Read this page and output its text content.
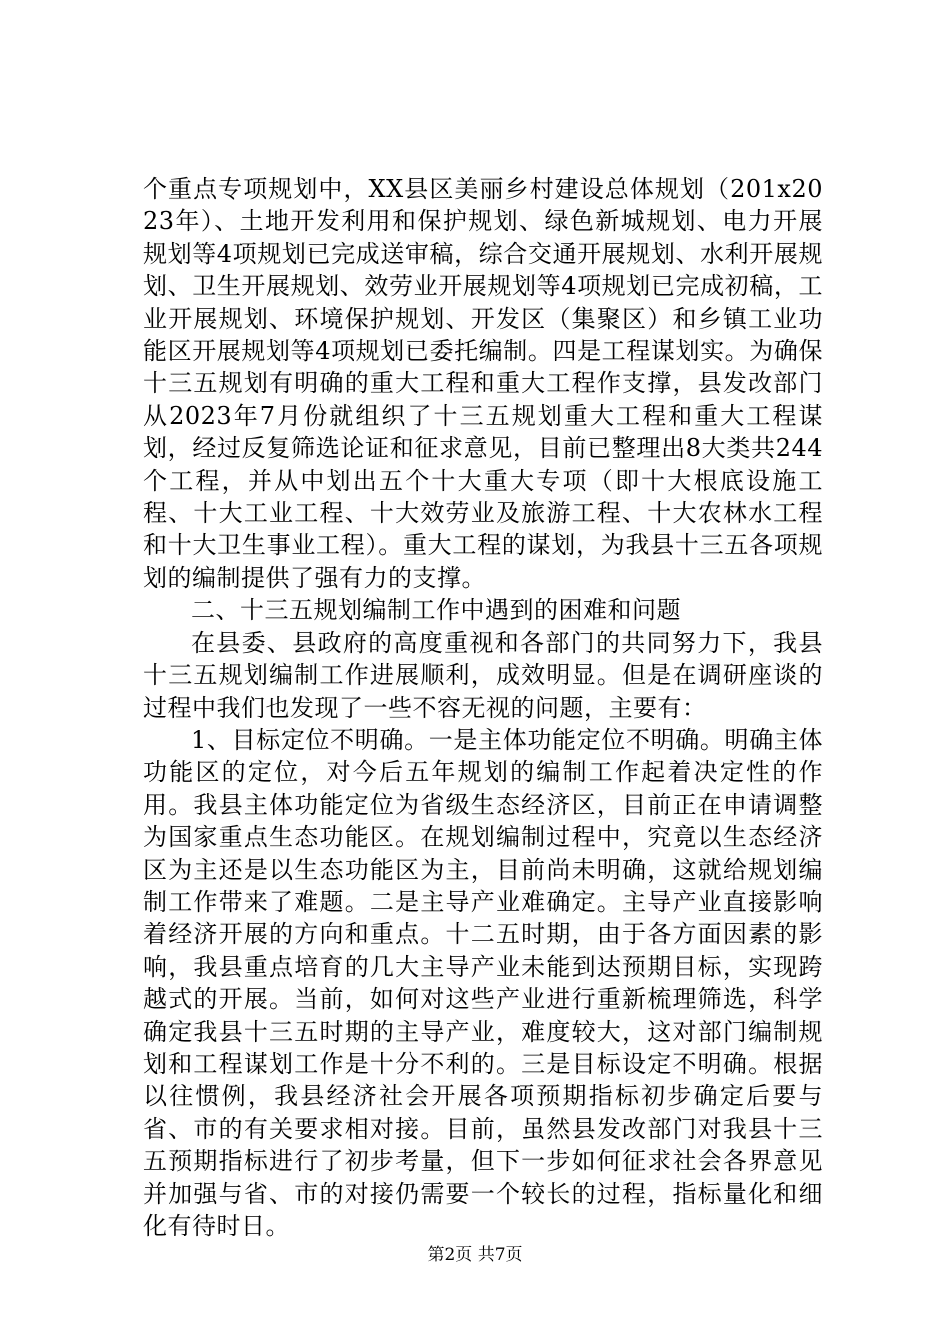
个重点专项规划中，XX县区美丽乡村建设总体规划（201x2023年）、土地开发利用和保护规划、绿色新城规划、电力开展规划等4项规划已完成送审稿，综合交通开展规划、水利开展规划、卫生开展规划、效劳业开展规划等4项规划已完成初稿，工业开展规划、环境保护规划、开发区（集聚区）和乡镇工业功能区开展规划等4项规划已委托编制。四是工程谋划实。为确保十三五规划有明确的重大工程和重大工程作支撑，县发改部门从2023年7月份就组织了十三五规划重大工程和重大工程谋划，经过反复筛选论证和征求意见，目前已整理出8大类共244个工程，并从中划出五个十大重大专项（即十大根底设施工程、十大工业工程、十大效劳业及旅游工程、十大农林水工程和十大卫生事业工程）。重大工程的谋划，为我县十三五各项规划的编制提供了强有力的支撑。

二、十三五规划编制工作中遇到的困难和问题

在县委、县政府的高度重视和各部门的共同努力下，我县十三五规划编制工作进展顺利，成效明显。但是在调研座谈的过程中我们也发现了一些不容无视的问题，主要有：

1、目标定位不明确。一是主体功能定位不明确。明确主体功能区的定位，对今后五年规划的编制工作起着决定性的作用。我县主体功能定位为省级生态经济区，目前正在申请调整为国家重点生态功能区。在规划编制过程中，究竟以生态经济区为主还是以生态功能区为主，目前尚未明确，这就给规划编制工作带来了难题。二是主导产业难确定。主导产业直接影响着经济开展的方向和重点。十二五时期，由于各方面因素的影响，我县重点培育的几大主导产业未能到达预期目标，实现跨越式的开展。当前，如何对这些产业进行重新梳理筛选，科学确定我县十三五时期的主导产业，难度较大，这对部门编制规划和工程谋划工作是十分不利的。三是目标设定不明确。根据以往惯例，我县经济社会开展各项预期指标初步确定后要与省、市的有关要求相对接。目前，虽然县发改部门对我县十三五预期指标进行了初步考量，但下一步如何征求社会各界意见并加强与省、市的对接仍需要一个较长的过程，指标量化和细化有待时日。

第2页 共7页
